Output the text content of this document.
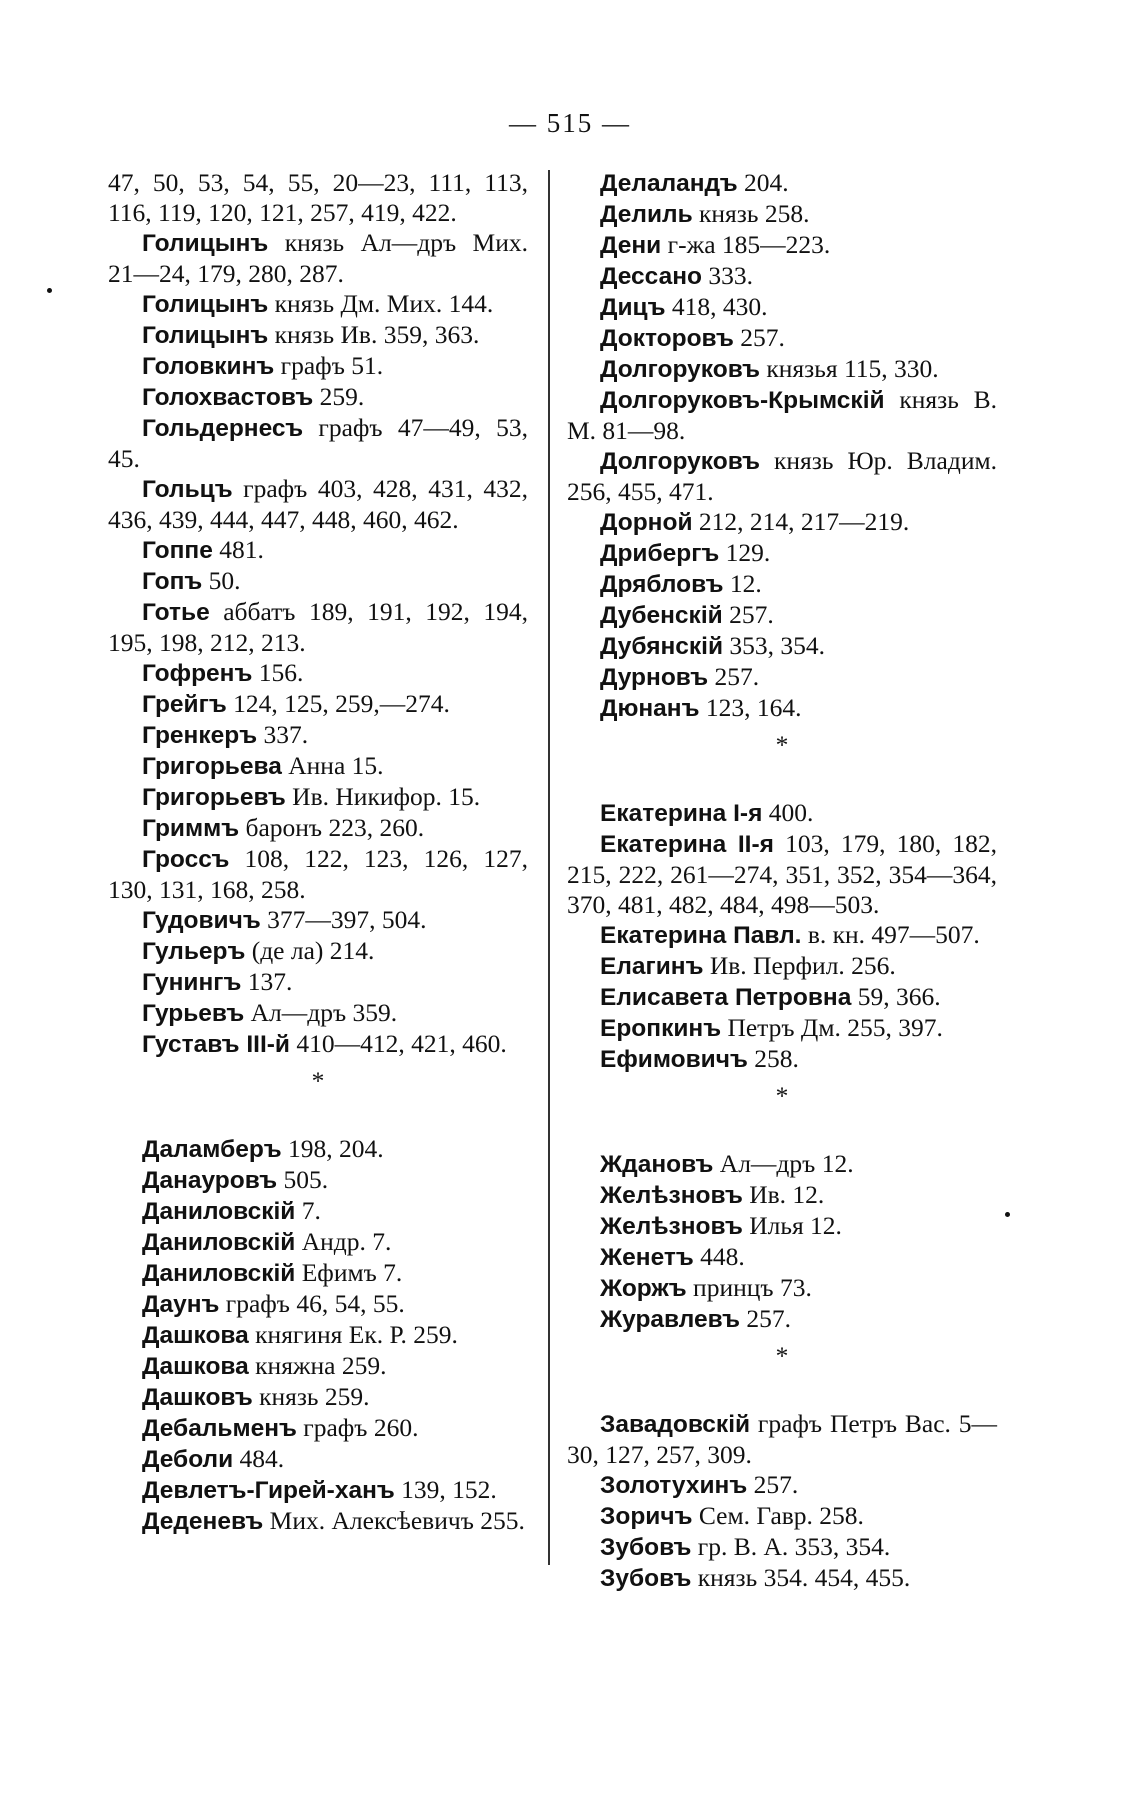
— 515 —

47, 50, 53, 54, 55, 20—23, 111, 113, 116, 119, 120, 121, 257, 419, 422.

Голицынъ князь Ал—дръ Мих. 21—24, 179, 280, 287.

Голицынъ князь Дм. Мих. 144.

Голицынъ князь Ив. 359, 363.

Головкинъ графъ 51.

Голохвастовъ 259.

Гольдернесъ графъ 47—49, 53, 45.

Гольцъ графъ 403, 428, 431, 432, 436, 439, 444, 447, 448, 460, 462.

Гоппе 481.

Гопъ 50.

Готье аббатъ 189, 191, 192, 194, 195, 198, 212, 213.

Гофренъ 156.

Грейгъ 124, 125, 259,—274.

Гренкеръ 337.

Григорьева Анна 15.

Григорьевъ Ив. Никифор. 15.

Гриммъ баронъ 223, 260.

Гроссъ 108, 122, 123, 126, 127, 130, 131, 168, 258.

Гудовичъ 377—397, 504.

Гульеръ (де ла) 214.

Гунингъ 137.

Гурьевъ Ал—дръ 359.

Густавъ III-й 410—412, 421, 460.

*

Даламберъ 198, 204.

Данауровъ 505.

Даниловскій 7.

Даниловскій Андр. 7.

Даниловскій Ефимъ 7.

Даунъ графъ 46, 54, 55.

Дашкова княгиня Ек. Р. 259.

Дашкова княжна 259.

Дашковъ князь 259.

Дебальменъ графъ 260.

Деболи 484.

Девлетъ-Гирей-ханъ 139, 152.

Деденевъ Мих. Алексѣевичъ 255.

Делаландъ 204.

Делиль князь 258.

Дени г-жа 185—223.

Дессано 333.

Дицъ 418, 430.

Докторовъ 257.

Долгоруковъ князья 115, 330.

Долгоруковъ-Крымскій князь В. М. 81—98.

Долгоруковъ князь Юр. Владим. 256, 455, 471.

Дорной 212, 214, 217—219.

Дрибергъ 129.

Дрябловъ 12.

Дубенскій 257.

Дубянскій 353, 354.

Дурновъ 257.

Дюнанъ 123, 164.

*

Екатерина I-я 400.

Екатерина II-я 103, 179, 180, 182, 215, 222, 261—274, 351, 352, 354—364, 370, 481, 482, 484, 498—503.

Екатерина Павл. в. кн. 497—507.

Елагинъ Ив. Перфил. 256.

Елисавета Петровна 59, 366.

Еропкинъ Петръ Дм. 255, 397.

Ефимовичъ 258.

*

Ждановъ Ал—дръ 12.

Желѣзновъ Ив. 12.

Желѣзновъ Илья 12.

Женетъ 448.

Жоржъ принцъ 73.

Журавлевъ 257.

*

Завадовскій графъ Петръ Вас. 5—30, 127, 257, 309.

Золотухинъ 257.

Зоричъ Сем. Гавр. 258.

Зубовъ гр. В. А. 353, 354.

Зубовъ князь 354. 454, 455.
